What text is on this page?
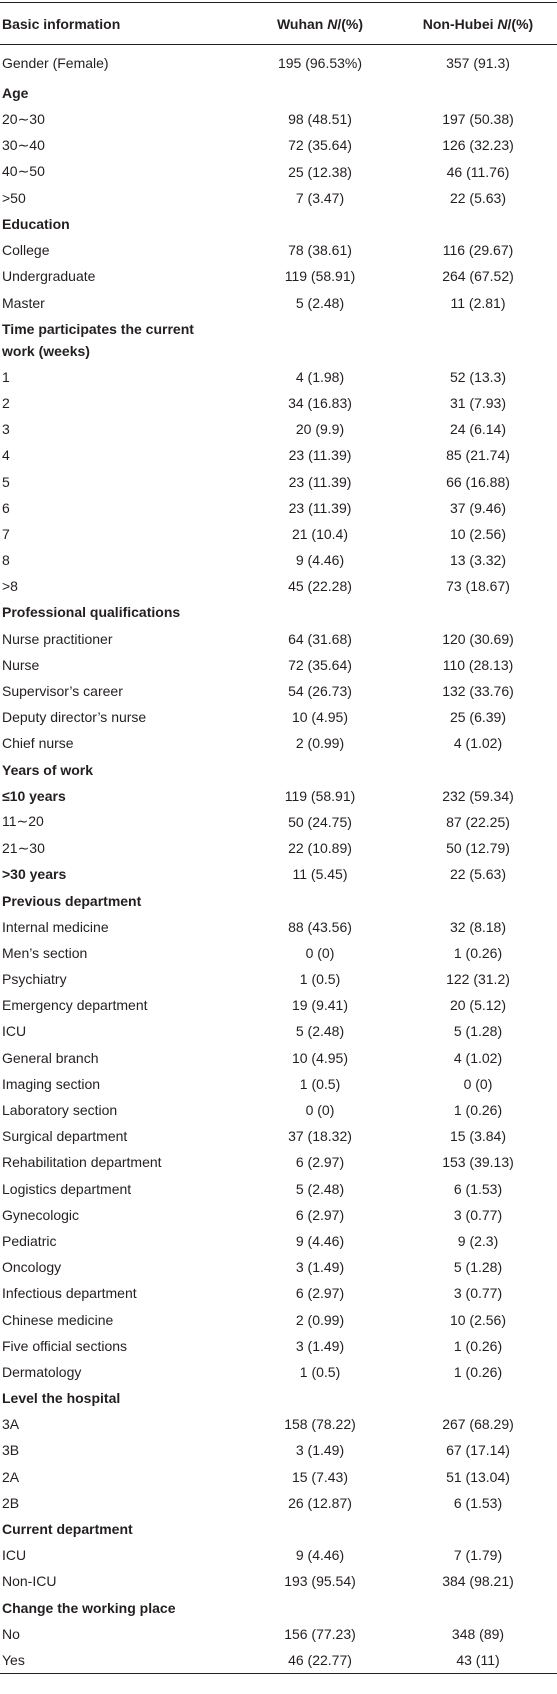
Basic information	Wuhan N/(%)	Non-Hubei N/(%)
Gender (Female)	195 (96.53%)	357 (91.3)
Age		
20∼30	98 (48.51)	197 (50.38)
30∼40	72 (35.64)	126 (32.23)
40∼50	25 (12.38)	46 (11.76)
>50	7 (3.47)	22 (5.63)
Education		
College	78 (38.61)	116 (29.67)
Undergraduate	119 (58.91)	264 (67.52)
Master	5 (2.48)	11 (2.81)
Time participates the current work (weeks)		
1	4 (1.98)	52 (13.3)
2	34 (16.83)	31 (7.93)
3	20 (9.9)	24 (6.14)
4	23 (11.39)	85 (21.74)
5	23 (11.39)	66 (16.88)
6	23 (11.39)	37 (9.46)
7	21 (10.4)	10 (2.56)
8	9 (4.46)	13 (3.32)
>8	45 (22.28)	73 (18.67)
Professional qualifications		
Nurse practitioner	64 (31.68)	120 (30.69)
Nurse	72 (35.64)	110 (28.13)
Supervisor’s career	54 (26.73)	132 (33.76)
Deputy director’s nurse	10 (4.95)	25 (6.39)
Chief nurse	2 (0.99)	4 (1.02)
Years of work		
≤10 years	119 (58.91)	232 (59.34)
11∼20	50 (24.75)	87 (22.25)
21∼30	22 (10.89)	50 (12.79)
>30 years	11 (5.45)	22 (5.63)
Previous department		
Internal medicine	88 (43.56)	32 (8.18)
Men’s section	0 (0)	1 (0.26)
Psychiatry	1 (0.5)	122 (31.2)
Emergency department	19 (9.41)	20 (5.12)
ICU	5 (2.48)	5 (1.28)
General branch	10 (4.95)	4 (1.02)
Imaging section	1 (0.5)	0 (0)
Laboratory section	0 (0)	1 (0.26)
Surgical department	37 (18.32)	15 (3.84)
Rehabilitation department	6 (2.97)	153 (39.13)
Logistics department	5 (2.48)	6 (1.53)
Gynecologic	6 (2.97)	3 (0.77)
Pediatric	9 (4.46)	9 (2.3)
Oncology	3 (1.49)	5 (1.28)
Infectious department	6 (2.97)	3 (0.77)
Chinese medicine	2 (0.99)	10 (2.56)
Five official sections	3 (1.49)	1 (0.26)
Dermatology	1 (0.5)	1 (0.26)
Level the hospital		
3A	158 (78.22)	267 (68.29)
3B	3 (1.49)	67 (17.14)
2A	15 (7.43)	51 (13.04)
2B	26 (12.87)	6 (1.53)
Current department		
ICU	9 (4.46)	7 (1.79)
Non-ICU	193 (95.54)	384 (98.21)
Change the working place		
No	156 (77.23)	348 (89)
Yes	46 (22.77)	43 (11)
